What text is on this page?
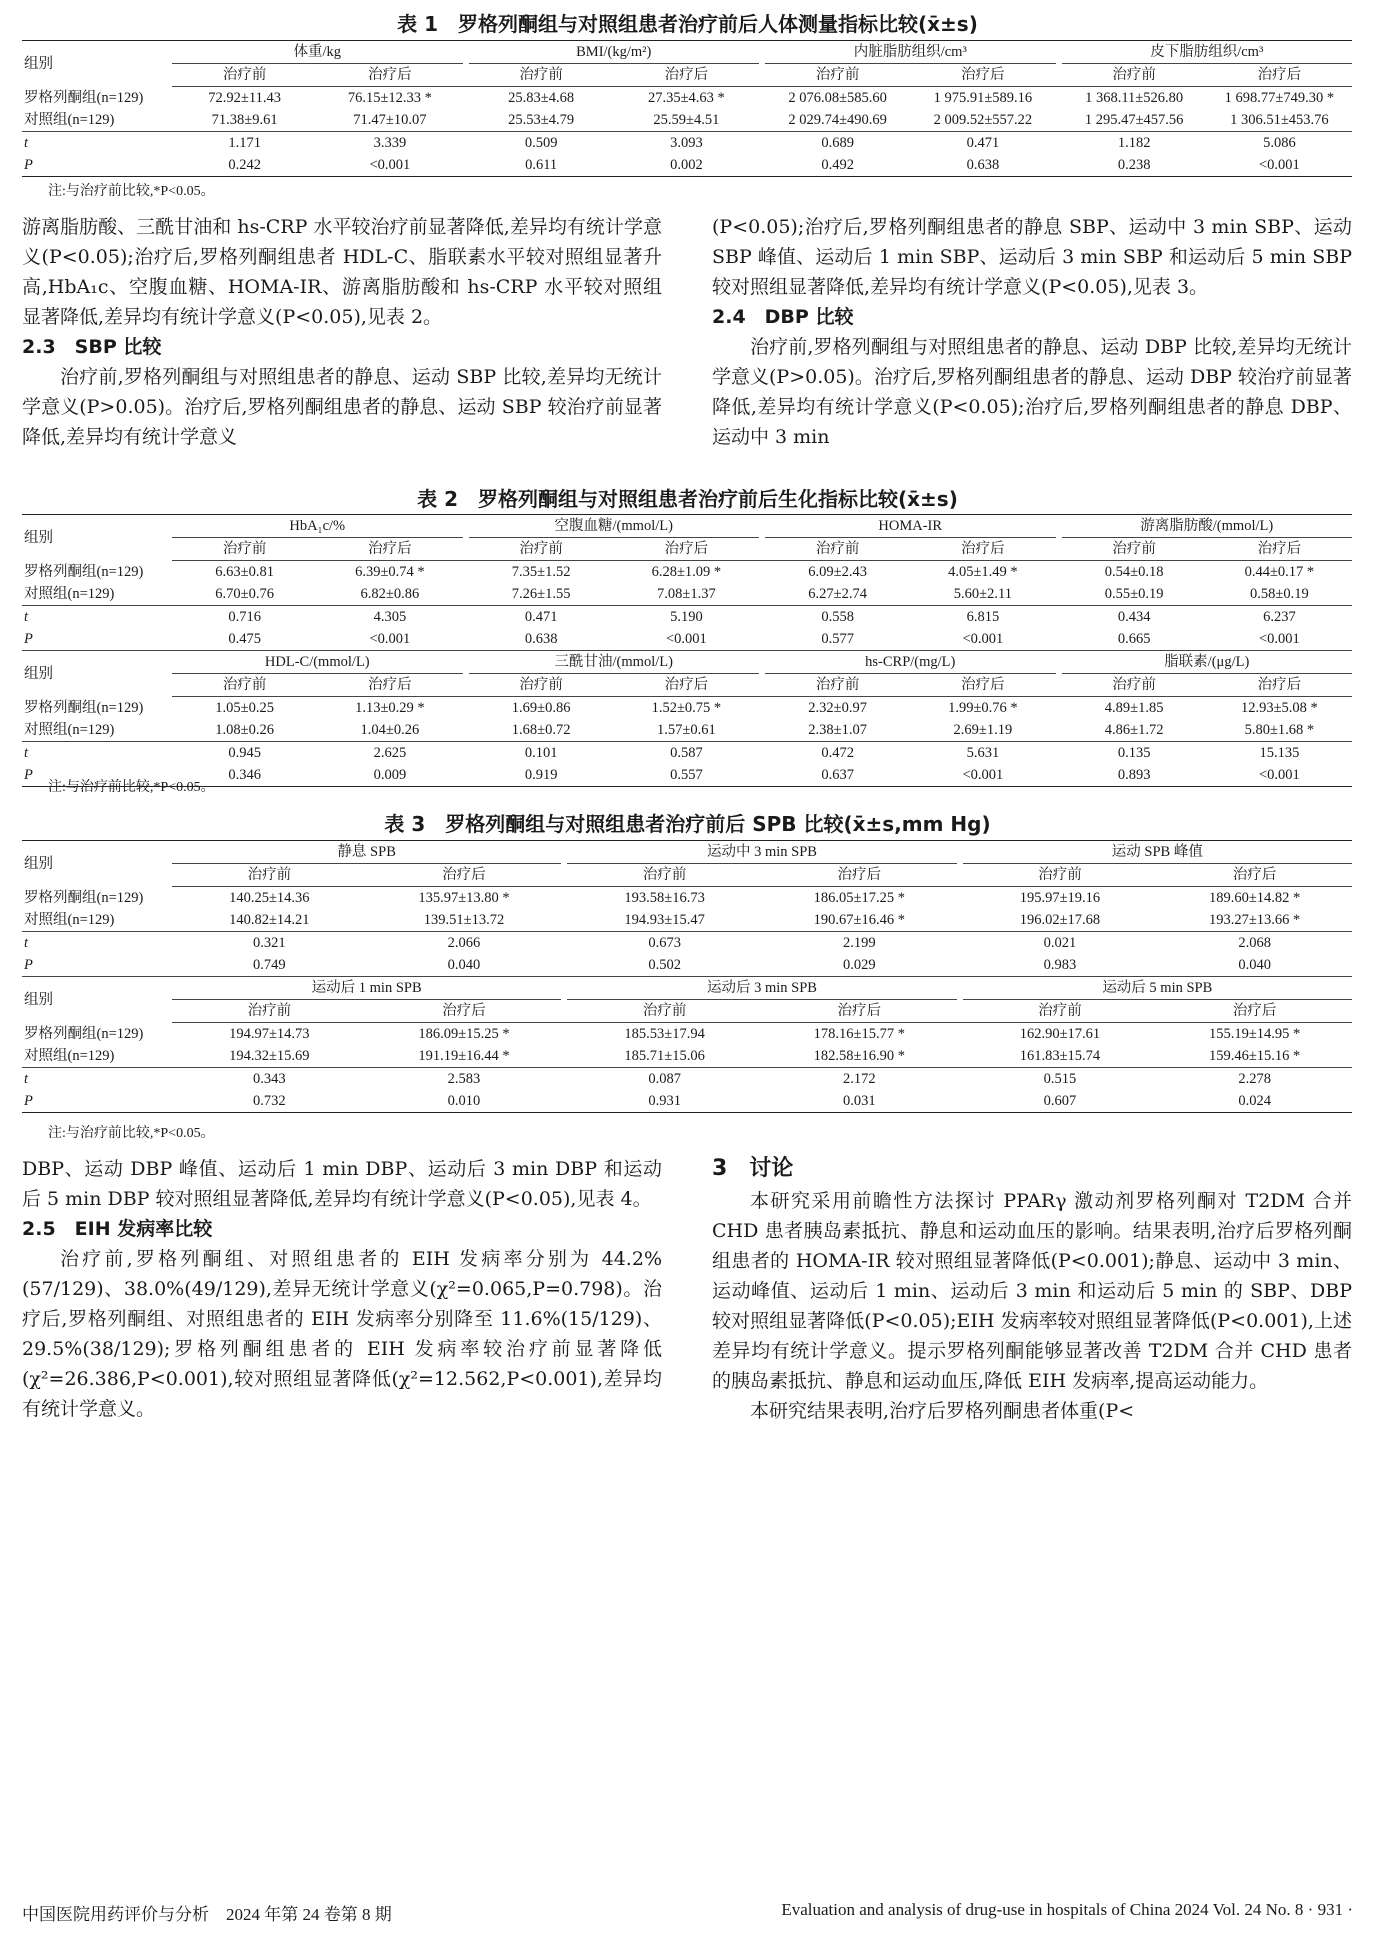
表 1　罗格列酮组与对照组患者治疗前后人体测量指标比较(x̄±s)
组别	体重/kg			BMI/(kg/m²)			内脏脂肪组织/cm³			皮下脂肪组织/cm³	
	治疗前	治疗后		治疗前	治疗后		治疗前	治疗后		治疗前	治疗后
罗格列酮组(n=129)	72.92±11.43	76.15±12.33 *		25.83±4.68	27.35±4.63 *		2 076.08±585.60	1 975.91±589.16		1 368.11±526.80	1 698.77±749.30 *
对照组(n=129)	71.38±9.61	71.47±10.07		25.53±4.79	25.59±4.51		2 029.74±490.69	2 009.52±557.22		1 295.47±457.56	1 306.51±453.76
t	1.171	3.339		0.509	3.093		0.689	0.471		1.182	5.086
P	0.242	<0.001		0.611	0.002		0.492	0.638		0.238	<0.001
注:与治疗前比较,*P<0.05。

游离脂肪酸、三酰甘油和 hs-CRP 水平较治疗前显著降低,差异均有统计学意义(P<0.05);治疗后,罗格列酮组患者 HDL-C、脂联素水平较对照组显著升高,HbA₁c、空腹血糖、HOMA-IR、游离脂肪酸和 hs-CRP 水平较对照组显著降低,差异均有统计学意义(P<0.05),见表 2。

2.3　SBP 比较

治疗前,罗格列酮组与对照组患者的静息、运动 SBP 比较,差异均无统计学意义(P>0.05)。治疗后,罗格列酮组患者的静息、运动 SBP 较治疗前显著降低,差异均有统计学意义

(P<0.05);治疗后,罗格列酮组患者的静息 SBP、运动中 3 min SBP、运动 SBP 峰值、运动后 1 min SBP、运动后 3 min SBP 和运动后 5 min SBP 较对照组显著降低,差异均有统计学意义(P<0.05),见表 3。

2.4　DBP 比较

治疗前,罗格列酮组与对照组患者的静息、运动 DBP 比较,差异均无统计学意义(P>0.05)。治疗后,罗格列酮组患者的静息、运动 DBP 较治疗前显著降低,差异均有统计学意义(P<0.05);治疗后,罗格列酮组患者的静息 DBP、运动中 3 min

表 2　罗格列酮组与对照组患者治疗前后生化指标比较(x̄±s)
组别	HbA₁c/%			空腹血糖/(mmol/L)			HOMA-IR			游离脂肪酸/(mmol/L)	
	治疗前	治疗后		治疗前	治疗后		治疗前	治疗后		治疗前	治疗后
罗格列酮组(n=129)	6.63±0.81	6.39±0.74 *		7.35±1.52	6.28±1.09 *		6.09±2.43	4.05±1.49 *		0.54±0.18	0.44±0.17 *
对照组(n=129)	6.70±0.76	6.82±0.86		7.26±1.55	7.08±1.37		6.27±2.74	5.60±2.11		0.55±0.19	0.58±0.19
t	0.716	4.305		0.471	5.190		0.558	6.815		0.434	6.237
P	0.475	<0.001		0.638	<0.001		0.577	<0.001		0.665	<0.001
组别	HDL-C/(mmol/L)			三酰甘油/(mmol/L)			hs-CRP/(mg/L)			脂联素/(μg/L)	
	治疗前	治疗后		治疗前	治疗后		治疗前	治疗后		治疗前	治疗后
罗格列酮组(n=129)	1.05±0.25	1.13±0.29 *		1.69±0.86	1.52±0.75 *		2.32±0.97	1.99±0.76 *		4.89±1.85	12.93±5.08 *
对照组(n=129)	1.08±0.26	1.04±0.26		1.68±0.72	1.57±0.61		2.38±1.07	2.69±1.19		4.86±1.72	5.80±1.68 *
t	0.945	2.625		0.101	0.587		0.472	5.631		0.135	15.135
P	0.346	0.009		0.919	0.557		0.637	<0.001		0.893	<0.001
注:与治疗前比较,*P<0.05。
表 3　罗格列酮组与对照组患者治疗前后 SPB 比较(x̄±s,mm Hg)
组别	静息 SPB			运动中 3 min SPB			运动 SPB 峰值	
	治疗前	治疗后		治疗前	治疗后		治疗前	治疗后
罗格列酮组(n=129)	140.25±14.36	135.97±13.80 *		193.58±16.73	186.05±17.25 *		195.97±19.16	189.60±14.82 *
对照组(n=129)	140.82±14.21	139.51±13.72		194.93±15.47	190.67±16.46 *		196.02±17.68	193.27±13.66 *
t	0.321	2.066		0.673	2.199		0.021	2.068
P	0.749	0.040		0.502	0.029		0.983	0.040
组别	运动后 1 min SPB			运动后 3 min SPB			运动后 5 min SPB	
	治疗前	治疗后		治疗前	治疗后		治疗前	治疗后
罗格列酮组(n=129)	194.97±14.73	186.09±15.25 *		185.53±17.94	178.16±15.77 *		162.90±17.61	155.19±14.95 *
对照组(n=129)	194.32±15.69	191.19±16.44 *		185.71±15.06	182.58±16.90 *		161.83±15.74	159.46±15.16 *
t	0.343	2.583		0.087	2.172		0.515	2.278
P	0.732	0.010		0.931	0.031		0.607	0.024
注:与治疗前比较,*P<0.05。

DBP、运动 DBP 峰值、运动后 1 min DBP、运动后 3 min DBP 和运动后 5 min DBP 较对照组显著降低,差异均有统计学意义(P<0.05),见表 4。

2.5　EIH 发病率比较

治疗前,罗格列酮组、对照组患者的 EIH 发病率分别为 44.2%(57/129)、38.0%(49/129),差异无统计学意义(χ²=0.065,P=0.798)。治疗后,罗格列酮组、对照组患者的 EIH 发病率分别降至 11.6%(15/129)、29.5%(38/129);罗格列酮组患者的 EIH 发病率较治疗前显著降低(χ²=26.386,P<0.001),较对照组显著降低(χ²=12.562,P<0.001),差异均有统计学意义。

3　讨论

本研究采用前瞻性方法探讨 PPARγ 激动剂罗格列酮对 T2DM 合并 CHD 患者胰岛素抵抗、静息和运动血压的影响。结果表明,治疗后罗格列酮组患者的 HOMA-IR 较对照组显著降低(P<0.001);静息、运动中 3 min、运动峰值、运动后 1 min、运动后 3 min 和运动后 5 min 的 SBP、DBP 较对照组显著降低(P<0.05);EIH 发病率较对照组显著降低(P<0.001),上述差异均有统计学意义。提示罗格列酮能够显著改善 T2DM 合并 CHD 患者的胰岛素抵抗、静息和运动血压,降低 EIH 发病率,提高运动能力。

本研究结果表明,治疗后罗格列酮患者体重(P<

中国医院用药评价与分析　2024 年第 24 卷第 8 期	Evaluation and analysis of drug-use in hospitals of China 2024 Vol. 24 No. 8 · 931 ·
